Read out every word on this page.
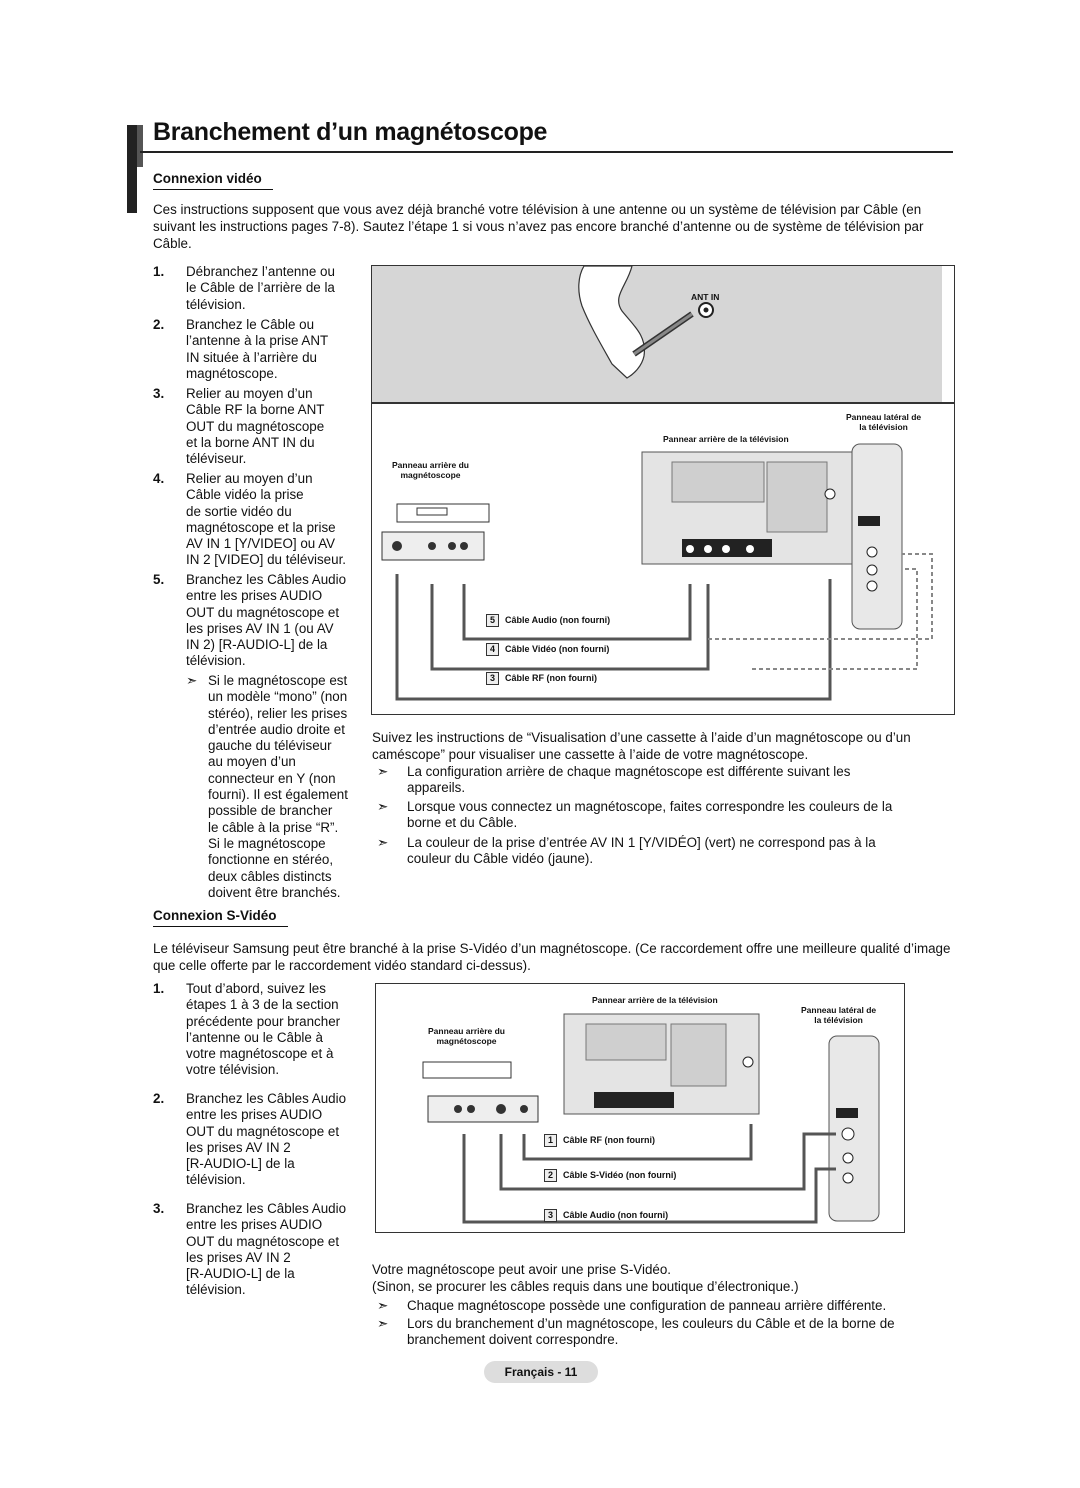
Branchement d’un magnétoscope
Connexion vidéo
Ces instructions supposent que vous avez déjà branché votre télévision à une antenne ou un système de télévision par Câble (en suivant les instructions pages 7-8). Sautez l’étape 1 si vous n’avez pas encore branché d’antenne ou de système de télévision par Câble.
1. Débranchez l’antenne ou
le Câble de l’arrière de la
télévision.
2. Branchez le Câble ou
l’antenne à la prise ANT
IN située à l’arrière du
magnétoscope.
3. Relier au moyen d’un
Câble RF la borne ANT
OUT du magnétoscope
et la borne ANT IN du
téléviseur.
4. Relier au moyen d’un
Câble vidéo la prise
de sortie vidéo du
magnétoscope et la prise
AV IN 1 [Y/VIDEO] ou AV
IN 2 [VIDEO] du téléviseur.
5. Branchez les Câbles Audio
entre les prises AUDIO
OUT du magnétoscope et
les prises AV IN 1 (ou AV
IN 2) [R-AUDIO-L] de la
télévision.
➣ Si le magnétoscope est
un modèle “mono” (non
stéréo), relier les prises
d’entrée audio droite et
gauche du téléviseur
au moyen d’un
connecteur en Y (non
fourni). Il est également
possible de brancher
le câble à la prise “R”.
Si le magnétoscope
fonctionne en stéréo,
deux câbles distincts
doivent être branchés.
ANT IN
Panneau latéral de
la télévision
Pannear arrière de la télévision
Panneau arrière du
magnétoscope
5 Câble Audio (non fourni)
4 Câble Vidéo (non fourni)
3 Câble RF (non fourni)
Suivez les instructions de “Visualisation d’une cassette à l’aide d’un magnétoscope ou d’un caméscope” pour visualiser une cassette à l’aide de votre magnétoscope.
➣ La configuration arrière de chaque magnétoscope est différente suivant les
appareils.
➣ Lorsque vous connectez un magnétoscope, faites correspondre les couleurs de la
borne et du Câble.
➣ La couleur de la prise d’entrée AV IN 1 [Y/VIDÉO] (vert) ne correspond pas à la
couleur du Câble vidéo (jaune).
Connexion S-Vidéo
Le téléviseur Samsung peut être branché à la prise S-Vidéo d’un magnétoscope. (Ce raccordement offre une meilleure qualité d’image que celle offerte par le raccordement vidéo standard ci-dessus).
1. Tout d’abord, suivez les
étapes 1 à 3 de la section
précédente pour brancher
l’antenne ou le Câble à
votre magnétoscope et à
votre télévision.
2. Branchez les Câbles Audio
entre les prises AUDIO
OUT du magnétoscope et
les prises AV IN 2
[R-AUDIO-L] de la
télévision.
3. Branchez les Câbles Audio
entre les prises AUDIO
OUT du magnétoscope et
les prises AV IN 2
[R-AUDIO-L] de la
télévision.
Pannear arrière de la télévision
Panneau latéral de
la télévision
Panneau arrière du
magnétoscope
1 Câble RF (non fourni)
2 Câble S-Vidéo (non fourni)
3 Câble Audio (non fourni)
Votre magnétoscope peut avoir une prise S-Vidéo.
(Sinon, se procurer les câbles requis dans une boutique d’électronique.)
➣ Chaque magnétoscope possède une configuration de panneau arrière différente.
➣ Lors du branchement d’un magnétoscope, les couleurs du Câble et de la borne de
branchement doivent correspondre.
Français - 11
